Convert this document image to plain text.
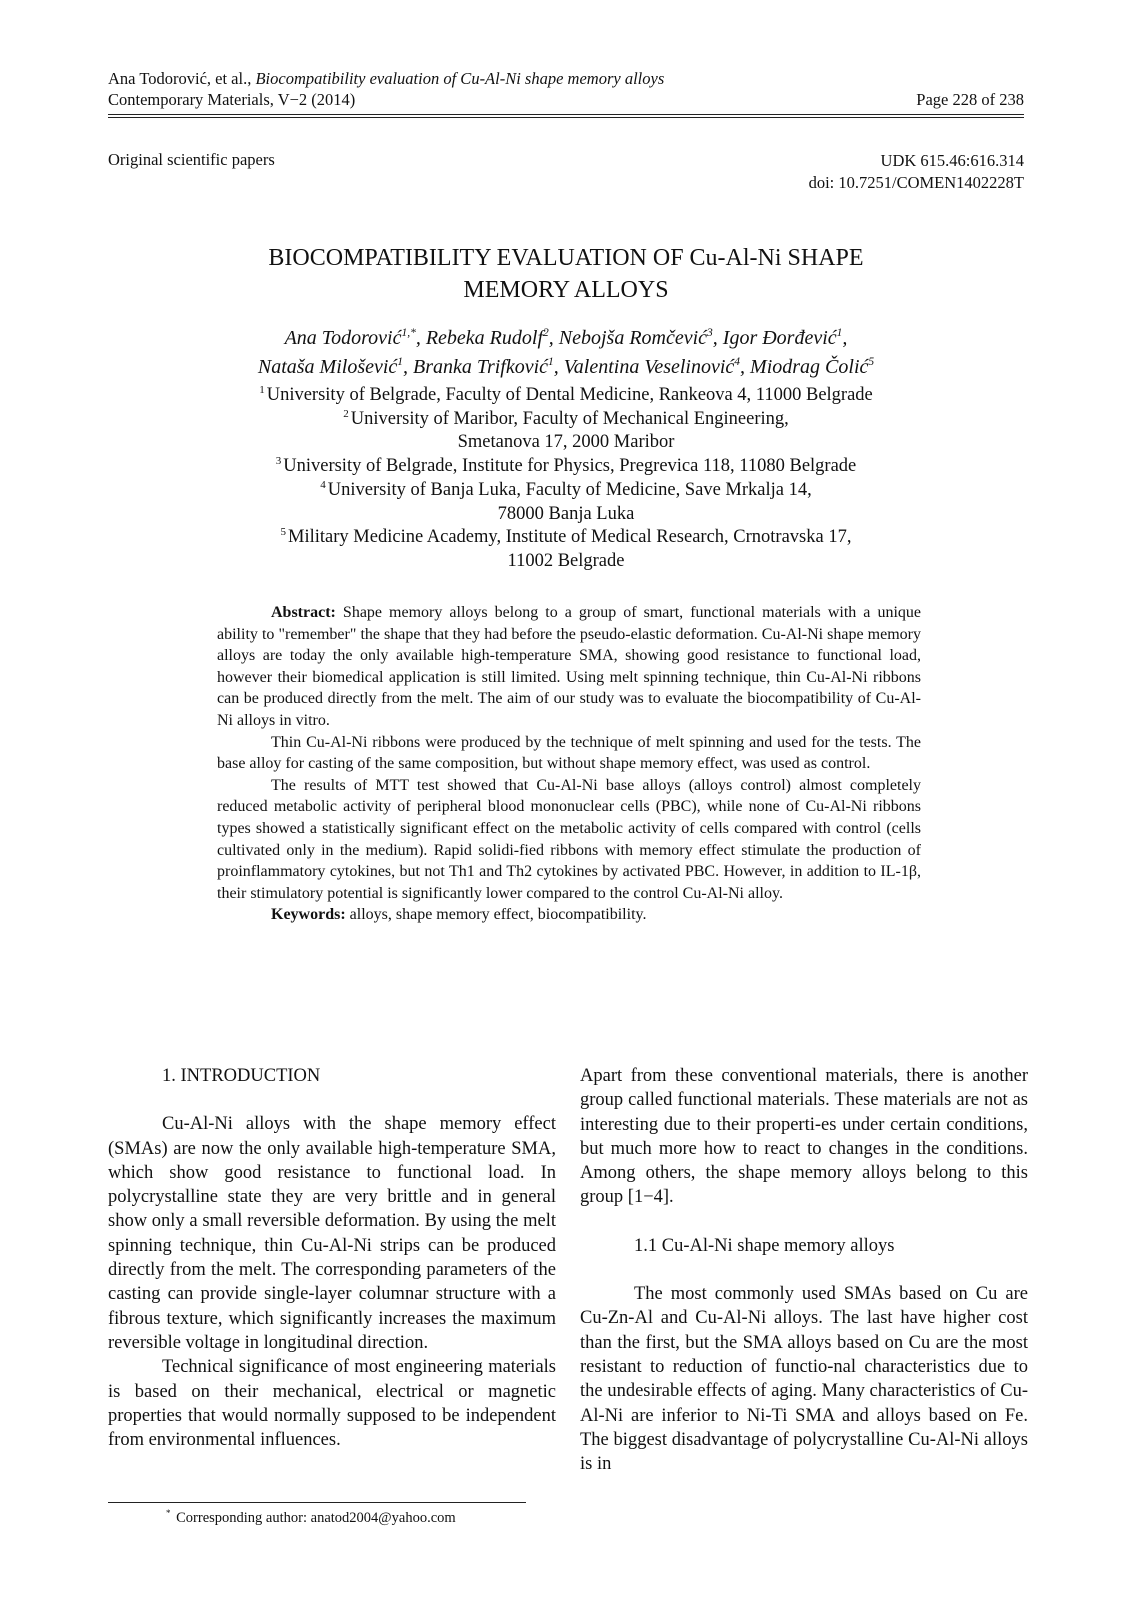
Ana Todorović, et al., Biocompatibility evaluation of Cu-Al-Ni shape memory alloys
Contemporary Materials, V−2 (2014)	Page 228 of 238
Original scientific papers	UDK 615.46:616.314
doi: 10.7251/COMEN1402228T
BIOCOMPATIBILITY EVALUATION OF Cu-Al-Ni SHAPE
MEMORY ALLOYS
Ana Todorović$^{1,*}$, Rebeka Rudolf$^2$, Nebojša Romčević$^3$, Igor Đorđević$^1$,
Nataša Milošević$^1$, Branka Trifković$^1$, Valentina Veselinović$^4$, Miodrag Čolić$^5$
$^1$ University of Belgrade, Faculty of Dental Medicine, Rankeova 4, 11000 Belgrade
$^2$ University of Maribor, Faculty of Mechanical Engineering,
Smetanova 17, 2000 Maribor
$^3$ University of Belgrade, Institute for Physics, Pregrevica 118, 11080 Belgrade
$^4$ University of Banja Luka, Faculty of Medicine, Save Mrkalja 14,
78000 Banja Luka
$^5$ Military Medicine Academy, Institute of Medical Research, Crnotravska 17,
11002 Belgrade

Abstract: Shape memory alloys belong to a group of smart, functional materials with a unique ability to "remember" the shape that they had before the pseudo-elastic deformation. Cu-Al-Ni shape memory alloys are today the only available high-temperature SMA, showing good resistance to functional load, however their biomedical application is still limited. Using melt spinning technique, thin Cu-Al-Ni ribbons can be produced directly from the melt. The aim of our study was to evaluate the biocompatibility of Cu-Al-Ni alloys in vitro.

Thin Cu-Al-Ni ribbons were produced by the technique of melt spinning and used for the tests. The base alloy for casting of the same composition, but without shape memory effect, was used as control.

The results of MTT test showed that Cu-Al-Ni base alloys (alloys control) almost completely reduced metabolic activity of peripheral blood mononuclear cells (PBC), while none of Cu-Al-Ni ribbons types showed a statistically significant effect on the metabolic activity of cells compared with control (cells cultivated only in the medium). Rapid solidi-fied ribbons with memory effect stimulate the production of proinflammatory cytokines, but not Th1 and Th2 cytokines by activated PBC. However, in addition to IL-1β, their stimulatory potential is significantly lower compared to the control Cu-Al-Ni alloy.

Keywords: alloys, shape memory effect, biocompatibility.

1. INTRODUCTION

Cu-Al-Ni alloys with the shape memory effect (SMAs) are now the only available high-temperature SMA, which show good resistance to functional load. In polycrystalline state they are very brittle and in general show only a small reversible deformation. By using the melt spinning technique, thin Cu-Al-Ni strips can be produced directly from the melt. The corresponding parameters of the casting can provide single-layer columnar structure with a fibrous texture, which significantly increases the maximum reversible voltage in longitudinal direction.

Technical significance of most engineering materials is based on their mechanical, electrical or magnetic properties that would normally supposed to be independent from environmental influences.

Apart from these conventional materials, there is another group called functional materials. These materials are not as interesting due to their properti-es under certain conditions, but much more how to react to changes in the conditions. Among others, the shape memory alloys belong to this group [1−4].

1.1 Cu-Al-Ni shape memory alloys

The most commonly used SMAs based on Cu are Cu-Zn-Al and Cu-Al-Ni alloys. The last have higher cost than the first, but the SMA alloys based on Cu are the most resistant to reduction of functio-nal characteristics due to the undesirable effects of aging. Many characteristics of Cu-Al-Ni are inferior to Ni-Ti SMA and alloys based on Fe. The biggest disadvantage of polycrystalline Cu-Al-Ni alloys is in

* Corresponding author: anatod2004@yahoo.com
